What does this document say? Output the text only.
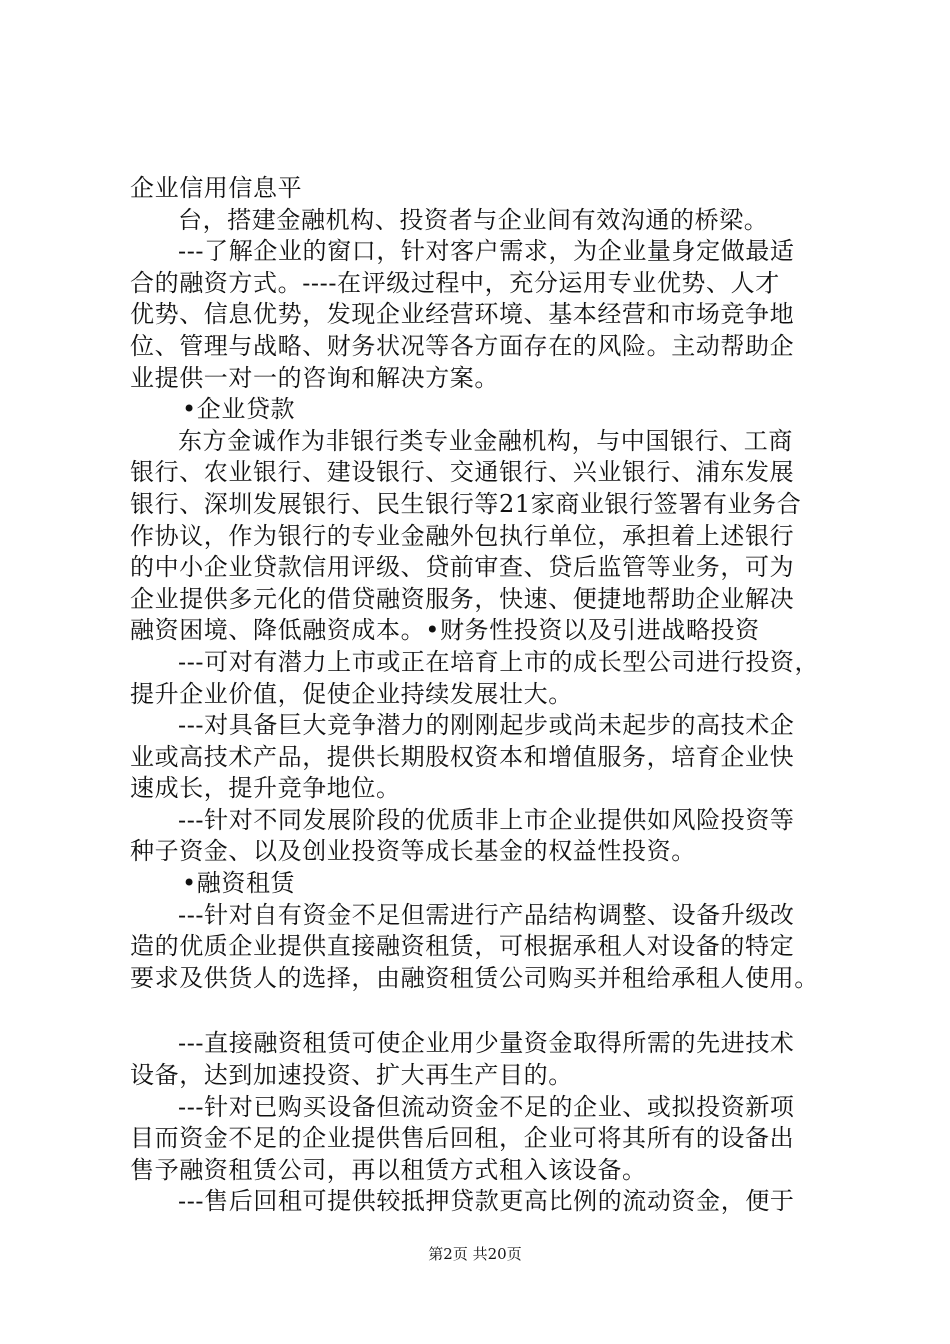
企业信用信息平
台，搭建金融机构、投资者与企业间有效沟通的桥梁。
---了解企业的窗口，针对客户需求，为企业量身定做最适
合的融资方式。----在评级过程中，充分运用专业优势、人才
优势、信息优势，发现企业经营环境、基本经营和市场竞争地
位、管理与战略、财务状况等各方面存在的风险。主动帮助企
业提供一对一的咨询和解决方案。
•企业贷款
东方金诚作为非银行类专业金融机构，与中国银行、工商
银行、农业银行、建设银行、交通银行、兴业银行、浦东发展
银行、深圳发展银行、民生银行等21家商业银行签署有业务合
作协议，作为银行的专业金融外包执行单位，承担着上述银行
的中小企业贷款信用评级、贷前审查、贷后监管等业务，可为
企业提供多元化的借贷融资服务，快速、便捷地帮助企业解决
融资困境、降低融资成本。•财务性投资以及引进战略投资
---可对有潜力上市或正在培育上市的成长型公司进行投资，
提升企业价值，促使企业持续发展壮大。
---对具备巨大竞争潜力的刚刚起步或尚未起步的高技术企
业或高技术产品，提供长期股权资本和增值服务，培育企业快
速成长，提升竞争地位。
---针对不同发展阶段的优质非上市企业提供如风险投资等
种子资金、以及创业投资等成长基金的权益性投资。
•融资租赁
---针对自有资金不足但需进行产品结构调整、设备升级改
造的优质企业提供直接融资租赁，可根据承租人对设备的特定
要求及供货人的选择，由融资租赁公司购买并租给承租人使用。
---直接融资租赁可使企业用少量资金取得所需的先进技术
设备，达到加速投资、扩大再生产目的。
---针对已购买设备但流动资金不足的企业、或拟投资新项
目而资金不足的企业提供售后回租，企业可将其所有的设备出
售予融资租赁公司，再以租赁方式租入该设备。
---售后回租可提供较抵押贷款更高比例的流动资金，便于
第2页 共20页
